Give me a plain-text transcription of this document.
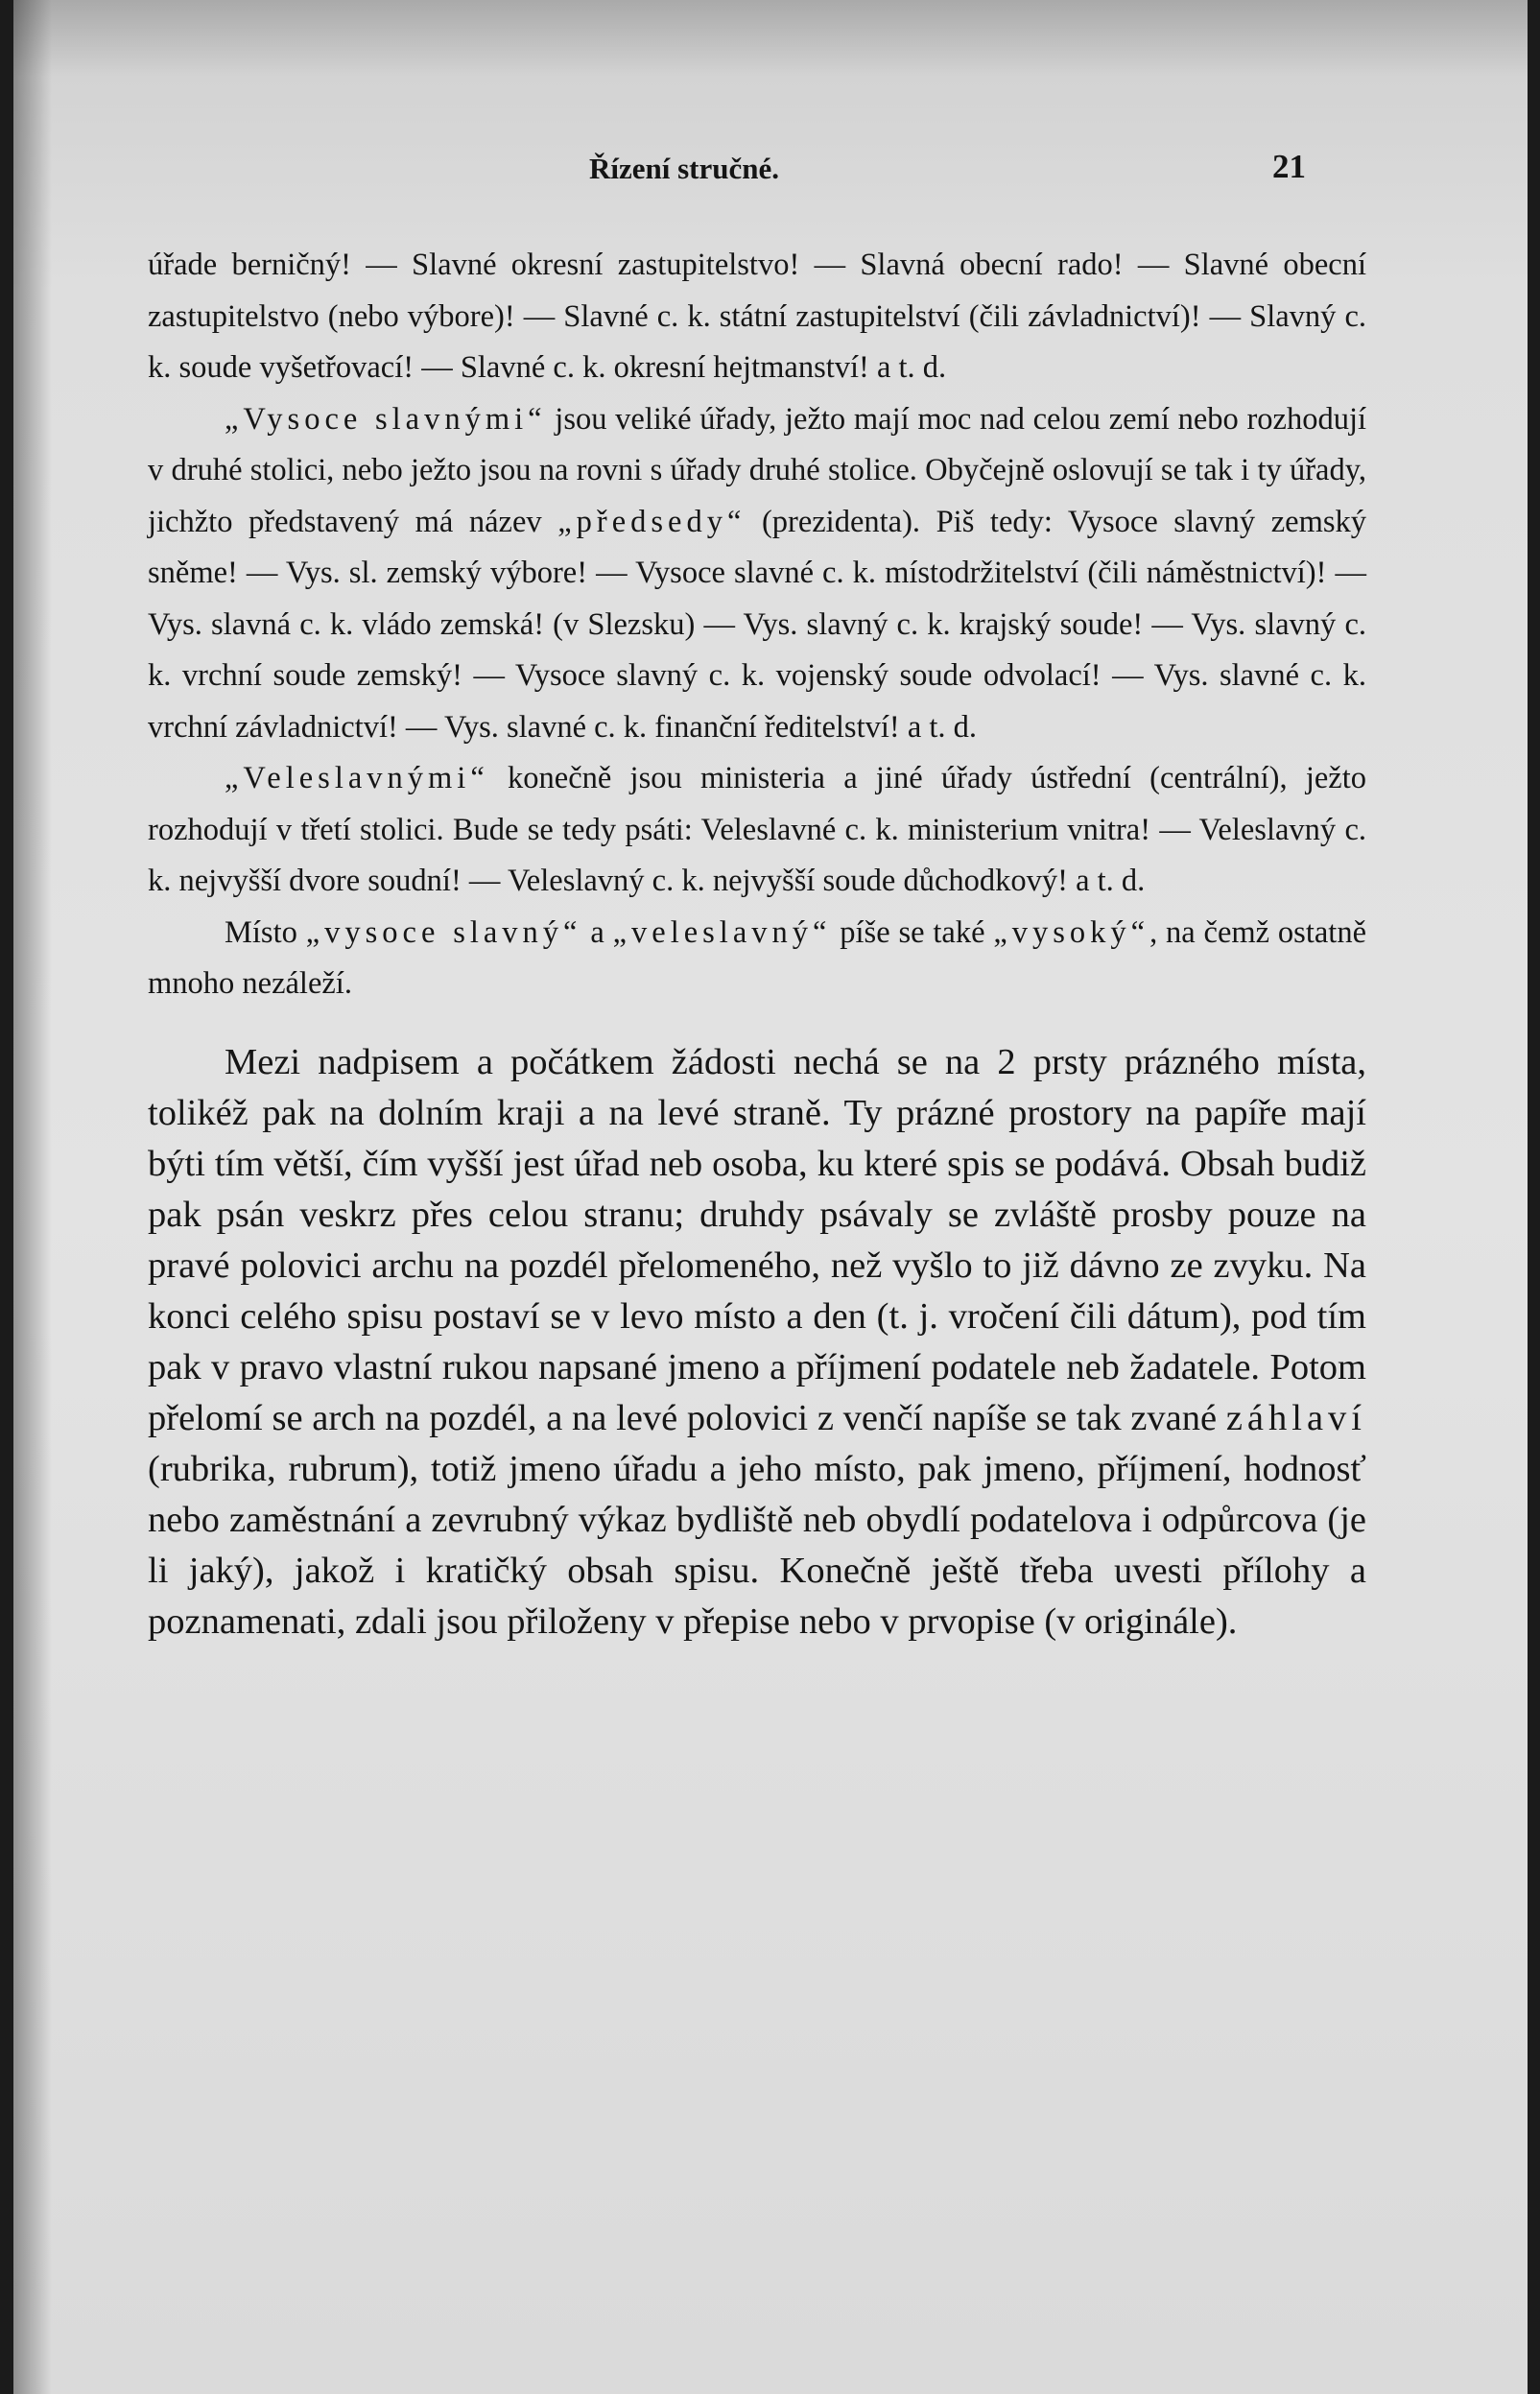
Řízení stručné.	21

úřade berničný! — Slavné okresní zastupitelstvo! — Slavná obecní rado! — Slavné obecní zastupitelstvo (nebo výbore)! — Slavné c. k. státní zastupitelství (čili závladnictví)! — Slavný c. k. soude vyšetřovací! — Slavné c. k. okresní hejtmanství! a t. d.

„Vysoce slavnými“ jsou veliké úřady, ježto mají moc nad celou zemí nebo rozhodují v druhé stolici, nebo ježto jsou na rovni s úřady druhé stolice. Obyčejně oslovují se tak i ty úřady, jichžto představený má název „předsedy“ (prezidenta). Piš tedy: Vysoce slavný zemský sněme! — Vys. sl. zemský výbore! — Vysoce slavné c. k. místodržitelství (čili náměstnictví)! — Vys. slavná c. k. vládo zemská! (v Slezsku) — Vys. slavný c. k. krajský soude! — Vys. slavný c. k. vrchní soude zemský! — Vysoce slavný c. k. vojenský soude odvolací! — Vys. slavné c. k. vrchní závladnictví! — Vys. slavné c. k. finanční ředitelství! a t. d.

„Veleslavnými“ konečně jsou ministeria a jiné úřady ústřední (centrální), ježto rozhodují v třetí stolici. Bude se tedy psáti: Veleslavné c. k. ministerium vnitra! — Veleslavný c. k. nejvyšší dvore soudní! — Veleslavný c. k. nejvyšší soude důchodkový! a t. d.

Místo „vysoce slavný“ a „veleslavný“ píše se také „vysoký“, na čemž ostatně mnoho nezáleží.

Mezi nadpisem a počátkem žádosti nechá se na 2 prsty prázného místa, tolikéž pak na dolním kraji a na levé straně. Ty prázné prostory na papíře mají býti tím větší, čím vyšší jest úřad neb osoba, ku které spis se podává. Obsah budiž pak psán veskrz přes celou stranu; druhdy psávaly se zvláště prosby pouze na pravé polovici archu na pozdél přelomeného, než vyšlo to již dávno ze zvyku. Na konci celého spisu postaví se v levo místo a den (t. j. vročení čili dátum), pod tím pak v pravo vlastní rukou napsané jmeno a příjmení podatele neb žadatele. Potom přelomí se arch na pozdél, a na levé polovici z venčí napíše se tak zvané záhlaví (rubrika, rubrum), totiž jmeno úřadu a jeho místo, pak jmeno, příjmení, hodnosť nebo zaměstnání a zevrubný výkaz bydliště neb obydlí podatelova i odpůrcova (je li jaký), jakož i kratičký obsah spisu. Konečně ještě třeba uvesti přílohy a poznamenati, zdali jsou přiloženy v přepise nebo v prvopise (v originále).
